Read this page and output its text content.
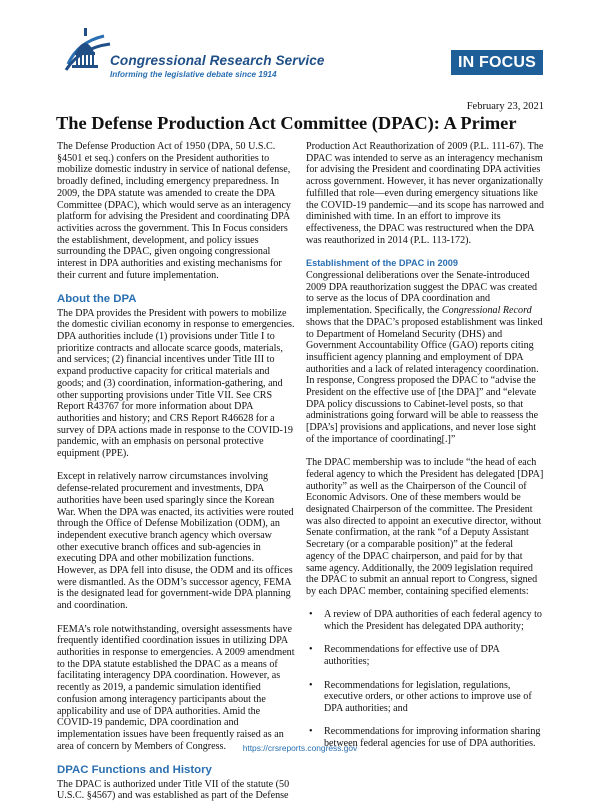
Congressional Research Service
Informing the legislative debate since 1914
IN FOCUS
February 23, 2021
The Defense Production Act Committee (DPAC): A Primer

The Defense Production Act of 1950 (DPA, 50 U.S.C. §4501 et seq.) confers on the President authorities to mobilize domestic industry in service of national defense, broadly defined, including emergency preparedness. In 2009, the DPA statute was amended to create the DPA Committee (DPAC), which would serve as an interagency platform for advising the President and coordinating DPA activities across the government. This In Focus considers the establishment, development, and policy issues surrounding the DPAC, given ongoing congressional interest in DPA authorities and existing mechanisms for their current and future implementation.

About the DPA

The DPA provides the President with powers to mobilize the domestic civilian economy in response to emergencies. DPA authorities include (1) provisions under Title I to prioritize contracts and allocate scarce goods, materials, and services; (2) financial incentives under Title III to expand productive capacity for critical materials and goods; and (3) coordination, information-gathering, and other supporting provisions under Title VII. See CRS Report R43767 for more information about DPA authorities and history; and CRS Report R46628 for a survey of DPA actions made in response to the COVID-19 pandemic, with an emphasis on personal protective equipment (PPE).

Except in relatively narrow circumstances involving defense-related procurement and investments, DPA authorities have been used sparingly since the Korean War. When the DPA was enacted, its activities were routed through the Office of Defense Mobilization (ODM), an independent executive branch agency which oversaw other executive branch offices and sub-agencies in executing DPA and other mobilization functions. However, as DPA fell into disuse, the ODM and its offices were dismantled. As the ODM’s successor agency, FEMA is the designated lead for government-wide DPA planning and coordination.

FEMA’s role notwithstanding, oversight assessments have frequently identified coordination issues in utilizing DPA authorities in response to emergencies. A 2009 amendment to the DPA statute established the DPAC as a means of facilitating interagency DPA coordination. However, as recently as 2019, a pandemic simulation identified confusion among interagency participants about the applicability and use of DPA authorities. Amid the COVID-19 pandemic, DPA coordination and implementation issues have been frequently raised as an area of concern by Members of Congress.

DPAC Functions and History

The DPAC is authorized under Title VII of the statute (50 U.S.C. §4567) and was established as part of the Defense

Production Act Reauthorization of 2009 (P.L. 111-67). The DPAC was intended to serve as an interagency mechanism for advising the President and coordinating DPA activities across government. However, it has never organizationally fulfilled that role—even during emergency situations like the COVID-19 pandemic—and its scope has narrowed and diminished with time. In an effort to improve its effectiveness, the DPAC was restructured when the DPA was reauthorized in 2014 (P.L. 113-172).

Establishment of the DPAC in 2009

Congressional deliberations over the Senate-introduced 2009 DPA reauthorization suggest the DPAC was created to serve as the locus of DPA coordination and implementation. Specifically, the Congressional Record shows that the DPAC’s proposed establishment was linked to Department of Homeland Security (DHS) and Government Accountability Office (GAO) reports citing insufficient agency planning and employment of DPA authorities and a lack of related interagency coordination. In response, Congress proposed the DPAC to “advise the President on the effective use of [the DPA]” and “elevate DPA policy discussions to Cabinet-level posts, so that administrations going forward will be able to reassess the [DPA’s] provisions and applications, and never lose sight of the importance of coordinating[.]”

The DPAC membership was to include “the head of each federal agency to which the President has delegated [DPA] authority” as well as the Chairperson of the Council of Economic Advisors. One of these members would be designated Chairperson of the committee. The President was also directed to appoint an executive director, without Senate confirmation, at the rank “of a Deputy Assistant Secretary (or a comparable position)” at the federal agency of the DPAC chairperson, and paid for by that same agency. Additionally, the 2009 legislation required the DPAC to submit an annual report to Congress, signed by each DPAC member, containing specified elements:

• A review of DPA authorities of each federal agency to which the President has delegated DPA authority;
• Recommendations for effective use of DPA authorities;
• Recommendations for legislation, regulations, executive orders, or other actions to improve use of DPA authorities; and
• Recommendations for improving information sharing between federal agencies for use of DPA authorities.
https://crsreports.congress.gov
